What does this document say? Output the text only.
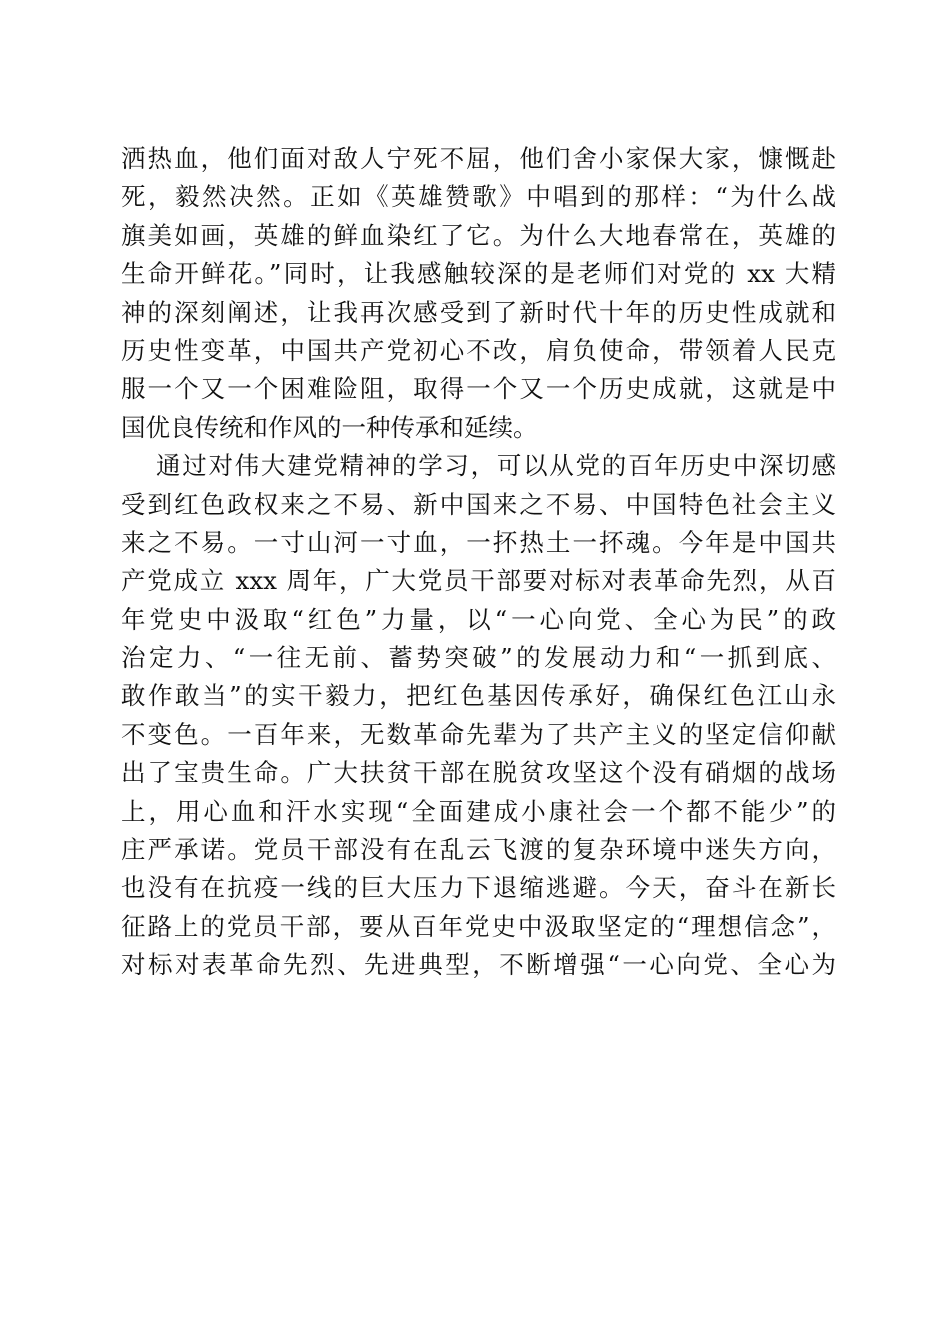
洒热血，他们面对敌人宁死不屈，他们舍小家保大家，慷慨赴
死，毅然决然。正如《英雄赞歌》中唱到的那样：“为什么战
旗美如画，英雄的鲜血染红了它。为什么大地春常在，英雄的
生命开鲜花。”同时，让我感触较深的是老师们对党的 xx 大精
神的深刻阐述，让我再次感受到了新时代十年的历史性成就和
历史性变革，中国共产党初心不改，肩负使命，带领着人民克
服一个又一个困难险阻，取得一个又一个历史成就，这就是中
国优良传统和作风的一种传承和延续。
通过对伟大建党精神的学习，可以从党的百年历史中深切感
受到红色政权来之不易、新中国来之不易、中国特色社会主义
来之不易。一寸山河一寸血，一抔热土一抔魂。今年是中国共
产党成立 xxx 周年，广大党员干部要对标对表革命先烈，从百
年党史中汲取“红色”力量，以“一心向党、全心为民”的政
治定力、“一往无前、蓄势突破”的发展动力和“一抓到底、
敢作敢当”的实干毅力，把红色基因传承好，确保红色江山永
不变色。一百年来，无数革命先辈为了共产主义的坚定信仰献
出了宝贵生命。广大扶贫干部在脱贫攻坚这个没有硝烟的战场
上，用心血和汗水实现“全面建成小康社会一个都不能少”的
庄严承诺。党员干部没有在乱云飞渡的复杂环境中迷失方向，
也没有在抗疫一线的巨大压力下退缩逃避。今天，奋斗在新长
征路上的党员干部，要从百年党史中汲取坚定的“理想信念”，
对标对表革命先烈、先进典型，不断增强“一心向党、全心为
